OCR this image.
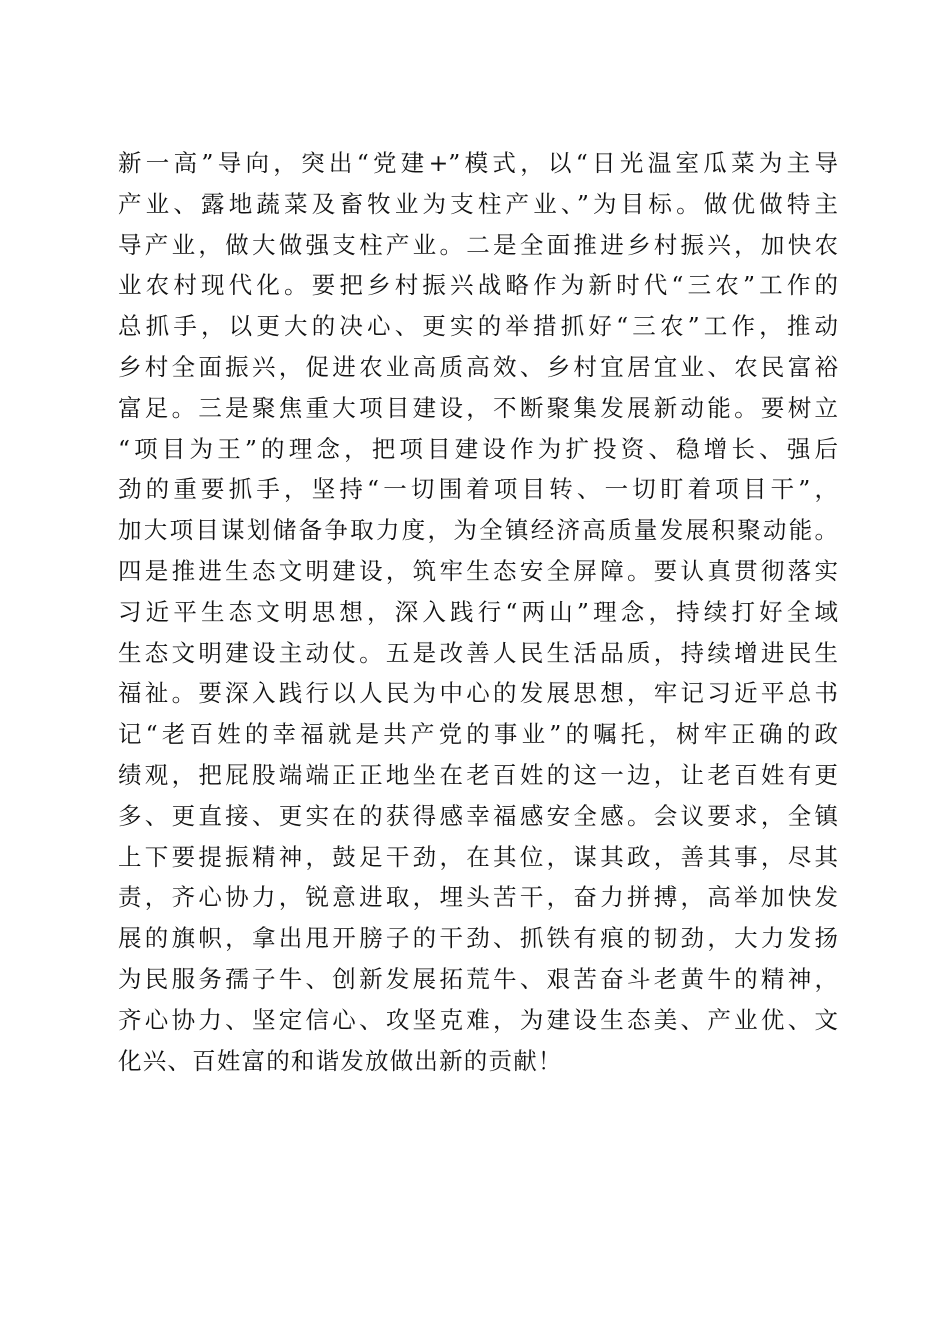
新一高”导向，突出“党建+”模式，以“日光温室瓜菜为主导
产业、露地蔬菜及畜牧业为支柱产业、”为目标。做优做特主
导产业，做大做强支柱产业。二是全面推进乡村振兴，加快农
业农村现代化。要把乡村振兴战略作为新时代“三农”工作的
总抓手，以更大的决心、更实的举措抓好“三农”工作，推动
乡村全面振兴，促进农业高质高效、乡村宜居宜业、农民富裕
富足。三是聚焦重大项目建设，不断聚集发展新动能。要树立
“项目为王”的理念，把项目建设作为扩投资、稳增长、强后
劲的重要抓手，坚持“一切围着项目转、一切盯着项目干”，
加大项目谋划储备争取力度，为全镇经济高质量发展积聚动能。
四是推进生态文明建设，筑牢生态安全屏障。要认真贯彻落实
习近平生态文明思想，深入践行“两山”理念，持续打好全域
生态文明建设主动仗。五是改善人民生活品质，持续增进民生
福祉。要深入践行以人民为中心的发展思想，牢记习近平总书
记“老百姓的幸福就是共产党的事业”的嘱托，树牢正确的政
绩观，把屁股端端正正地坐在老百姓的这一边，让老百姓有更
多、更直接、更实在的获得感幸福感安全感。会议要求，全镇
上下要提振精神，鼓足干劲，在其位，谋其政，善其事，尽其
责，齐心协力，锐意进取，埋头苦干，奋力拼搏，高举加快发
展的旗帜，拿出甩开膀子的干劲、抓铁有痕的韧劲，大力发扬
为民服务孺子牛、创新发展拓荒牛、艰苦奋斗老黄牛的精神，
齐心协力、坚定信心、攻坚克难，为建设生态美、产业优、文
化兴、百姓富的和谐发放做出新的贡献！
